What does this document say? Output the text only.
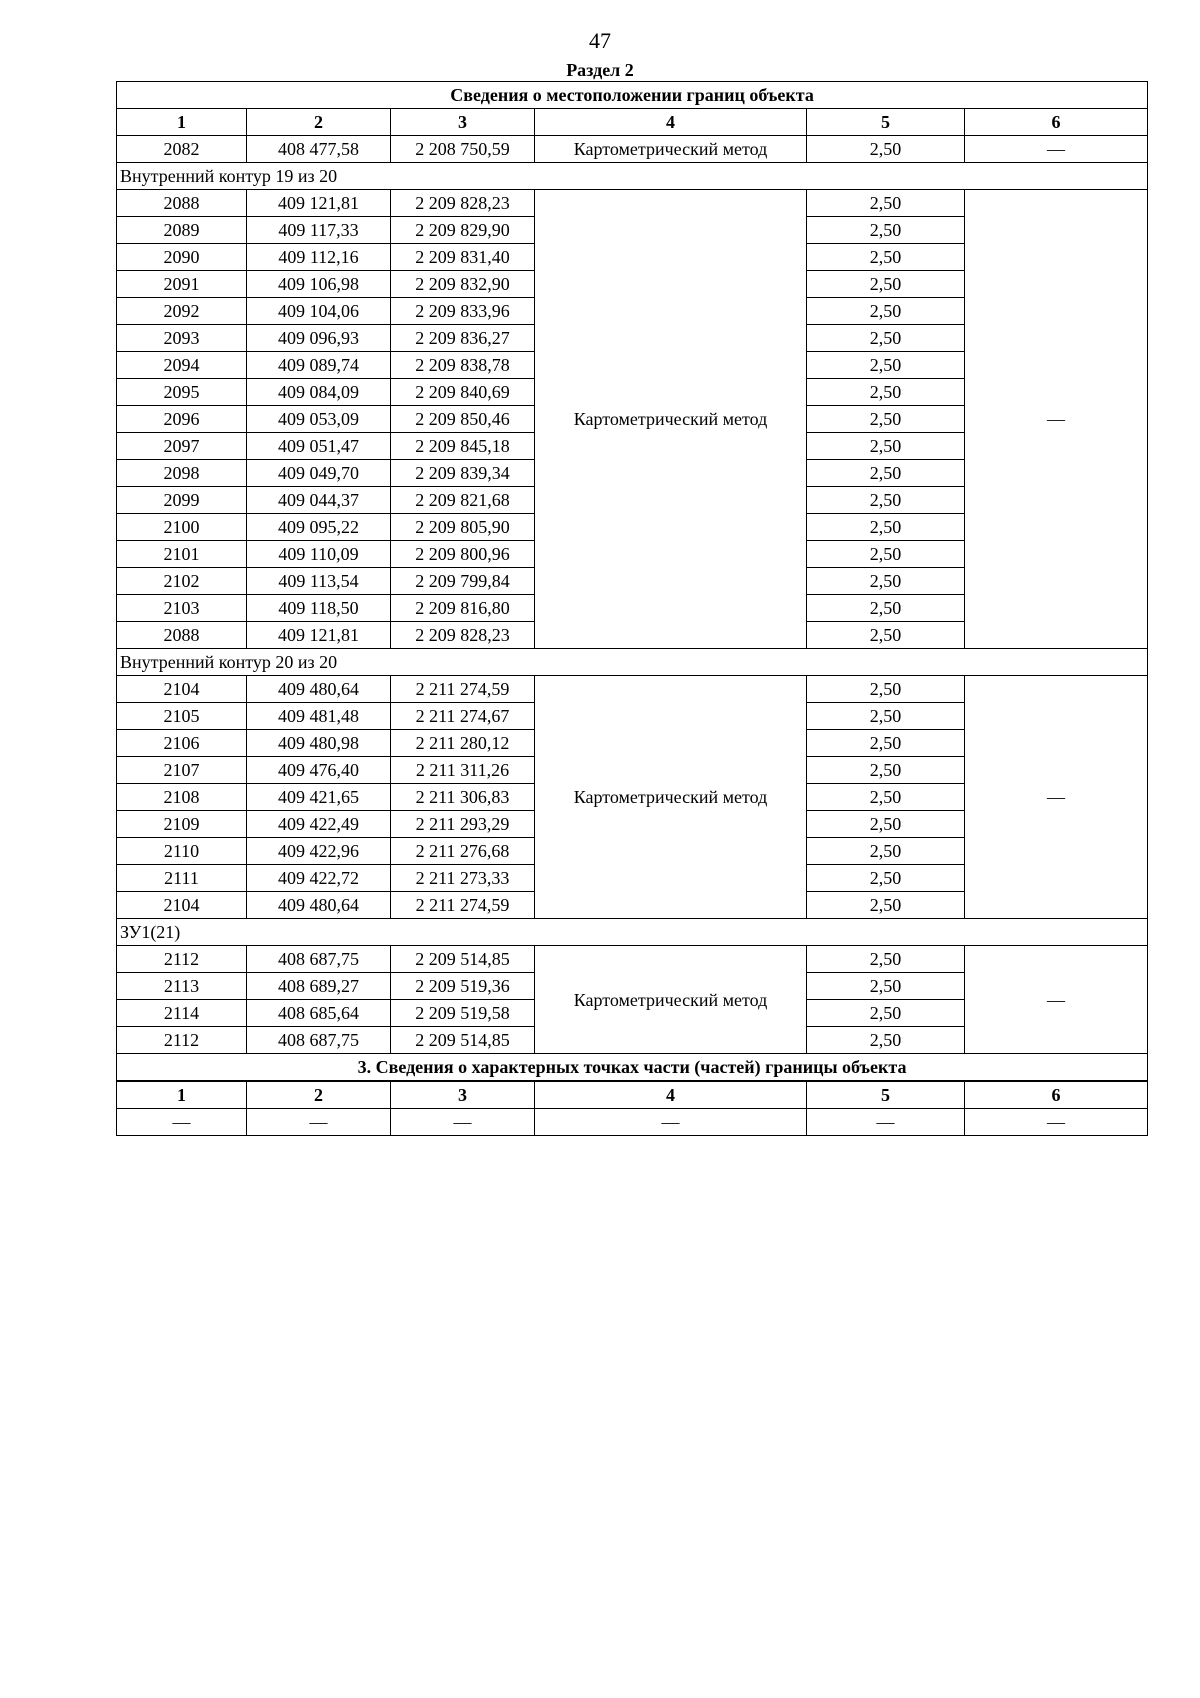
47
Раздел 2
Сведения о местоположении границ объекта					
1	2	3	4	5	6
2082	408 477,58	2 208 750,59	Картометрический метод	2,50	—
Внутренний контур 19 из 20					
2088	409 121,81	2 209 828,23	Картометрический метод	2,50	—
2089	409 117,33	2 209 829,90		2,50	
2090	409 112,16	2 209 831,40		2,50	
2091	409 106,98	2 209 832,90		2,50	
2092	409 104,06	2 209 833,96		2,50	
2093	409 096,93	2 209 836,27		2,50	
2094	409 089,74	2 209 838,78		2,50	
2095	409 084,09	2 209 840,69		2,50	
2096	409 053,09	2 209 850,46		2,50	
2097	409 051,47	2 209 845,18		2,50	
2098	409 049,70	2 209 839,34		2,50	
2099	409 044,37	2 209 821,68		2,50	
2100	409 095,22	2 209 805,90		2,50	
2101	409 110,09	2 209 800,96		2,50	
2102	409 113,54	2 209 799,84		2,50	
2103	409 118,50	2 209 816,80		2,50	
2088	409 121,81	2 209 828,23		2,50	
Внутренний контур 20 из 20					
2104	409 480,64	2 211 274,59	Картометрический метод	2,50	—
2105	409 481,48	2 211 274,67		2,50	
2106	409 480,98	2 211 280,12		2,50	
2107	409 476,40	2 211 311,26		2,50	
2108	409 421,65	2 211 306,83		2,50	
2109	409 422,49	2 211 293,29		2,50	
2110	409 422,96	2 211 276,68		2,50	
2111	409 422,72	2 211 273,33		2,50	
2104	409 480,64	2 211 274,59		2,50	
ЗУ1(21)					
2112	408 687,75	2 209 514,85	Картометрический метод	2,50	—
2113	408 689,27	2 209 519,36		2,50	
2114	408 685,64	2 209 519,58		2,50	
2112	408 687,75	2 209 514,85		2,50	
3. Сведения о характерных точках части (частей) границы объекта					
1	2	3	4	5	6
—	—	—	—	—	—
